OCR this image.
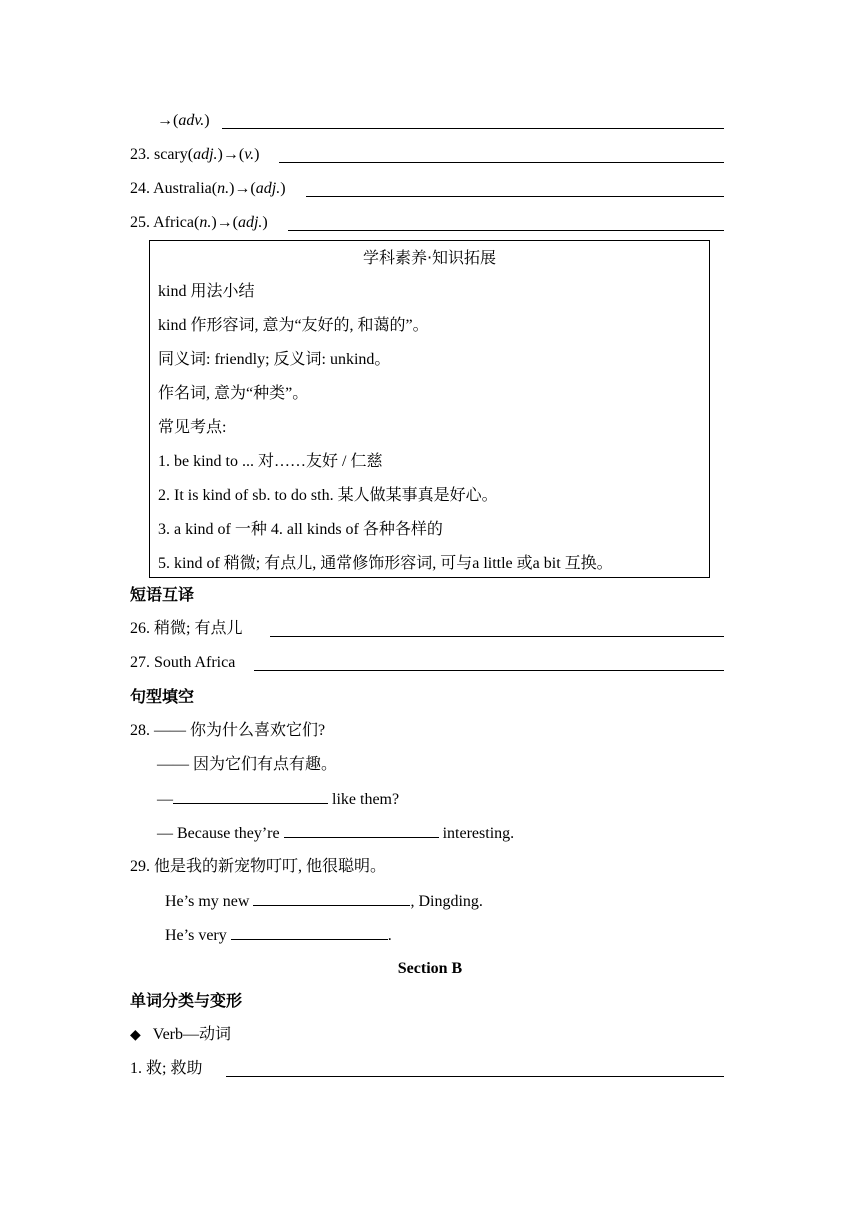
→(adv.)
23. scary(adj.)→(v.)
24. Australia(n.)→(adj.)
25. Africa(n.)→(adj.)
学科素养·知识拓展
kind 用法小结
kind 作形容词, 意为“友好的, 和蔼的”。
同义词: friendly; 反义词: unkind。
作名词, 意为“种类”。
常见考点:
1. be kind to ... 对……友好 / 仁慈
2. It is kind of sb. to do sth. 某人做某事真是好心。
3. a kind of 一种 4. all kinds of 各种各样的
5. kind of 稍微; 有点儿, 通常修饰形容词, 可与a little 或a bit 互换。
短语互译
26. 稍微; 有点儿
27. South Africa
句型填空
28. —— 你为什么喜欢它们?
—— 因为它们有点有趣。
—	like them?
— Because they’re	interesting.
29. 他是我的新宠物叮叮, 他很聪明。
He’s my new	, Dingding.
He’s very	.
Section B
单词分类与变形
◆ Verb—动词
1. 救; 救助
